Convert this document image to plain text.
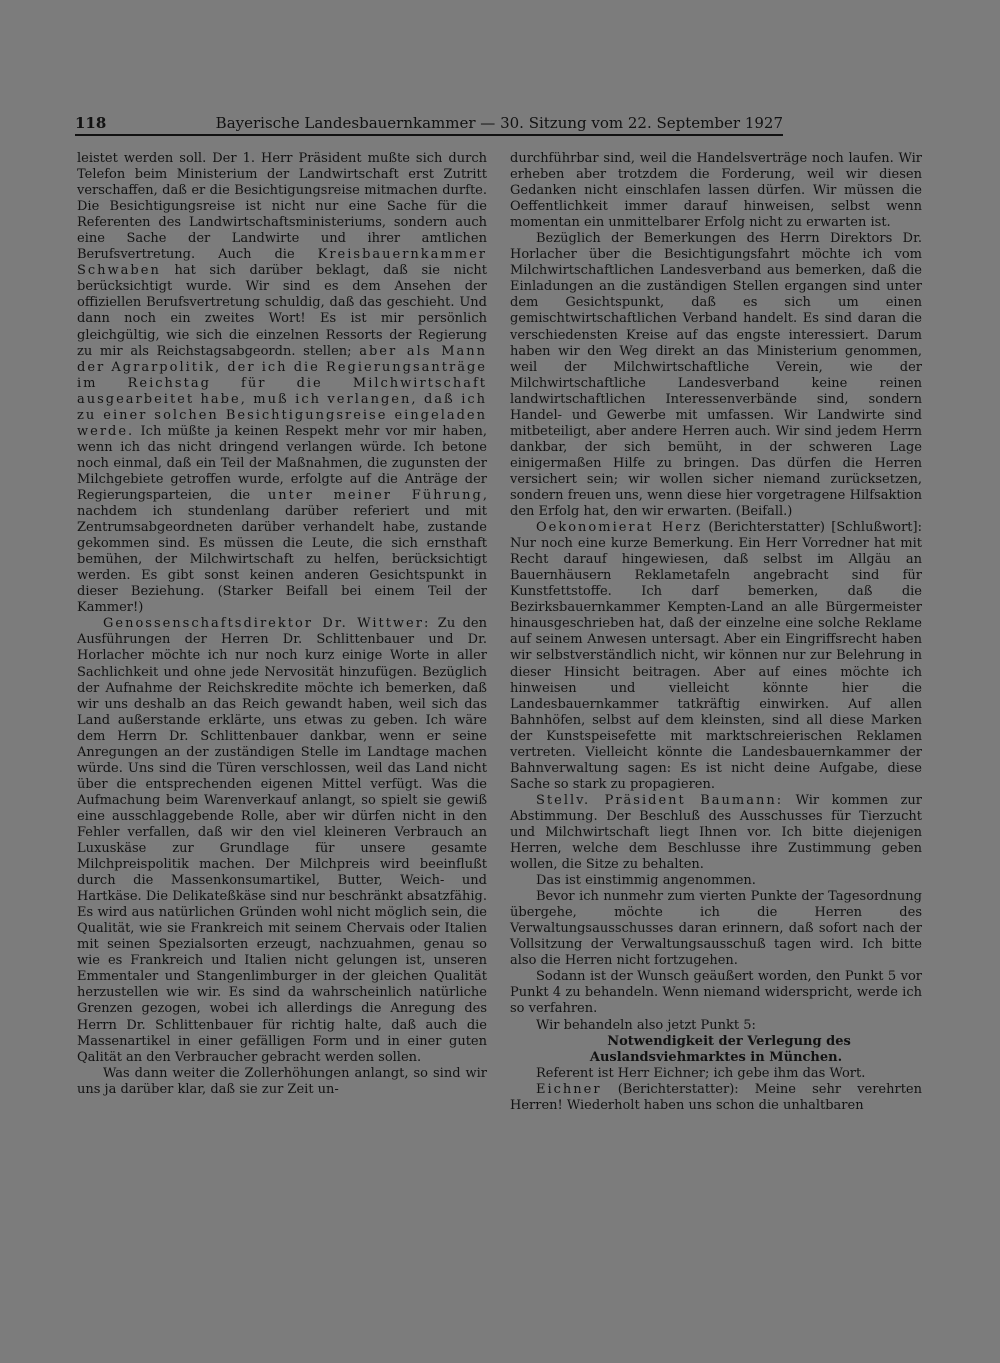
118	Bayerische Landesbauernkammer — 30. Sitzung vom 22. September 1927

leistet werden soll. Der 1. Herr Präsident mußte sich durch Telefon beim Ministerium der Landwirtschaft erst Zutritt verschaffen, daß er die Besichtigungsreise mitmachen durfte. Die Besichtigungsreise ist nicht nur eine Sache für die Referenten des Landwirtschaftsministeriums, sondern auch eine Sache der Landwirte und ihrer amtlichen Berufsvertretung. Auch die Kreisbauernkammer Schwaben hat sich darüber beklagt, daß sie nicht berücksichtigt wurde. Wir sind es dem Ansehen der offiziellen Berufsvertretung schuldig, daß das geschieht. Und dann noch ein zweites Wort! Es ist mir persönlich gleichgültig, wie sich die einzelnen Ressorts der Regierung zu mir als Reichstagsabgeordn. stellen; aber als Mann der Agrarpolitik, der ich die Regierungsanträge im Reichstag für die Milchwirtschaft ausgearbeitet habe, muß ich verlangen, daß ich zu einer solchen Besichtigungsreise eingeladen werde. Ich müßte ja keinen Respekt mehr vor mir haben, wenn ich das nicht dringend verlangen würde. Ich betone noch einmal, daß ein Teil der Maßnahmen, die zugunsten der Milchgebiete getroffen wurde, erfolgte auf die Anträge der Regierungsparteien, die unter meiner Führung, nachdem ich stundenlang darüber referiert und mit Zentrumsabgeordneten darüber verhandelt habe, zustande gekommen sind. Es müssen die Leute, die sich ernsthaft bemühen, der Milchwirtschaft zu helfen, berücksichtigt werden. Es gibt sonst keinen anderen Gesichtspunkt in dieser Beziehung. (Starker Beifall bei einem Teil der Kammer!)

Genossenschaftsdirektor Dr. Wittwer: Zu den Ausführungen der Herren Dr. Schlittenbauer und Dr. Horlacher möchte ich nur noch kurz einige Worte in aller Sachlichkeit und ohne jede Nervosität hinzufügen. Bezüglich der Aufnahme der Reichskredite möchte ich bemerken, daß wir uns deshalb an das Reich gewandt haben, weil sich das Land außerstande erklärte, uns etwas zu geben. Ich wäre dem Herrn Dr. Schlittenbauer dankbar, wenn er seine Anregungen an der zuständigen Stelle im Landtage machen würde. Uns sind die Türen verschlossen, weil das Land nicht über die entsprechenden eigenen Mittel verfügt. Was die Aufmachung beim Warenverkauf anlangt, so spielt sie gewiß eine ausschlaggebende Rolle, aber wir dürfen nicht in den Fehler verfallen, daß wir den viel kleineren Verbrauch an Luxuskäse zur Grundlage für unsere gesamte Milchpreispolitik machen. Der Milchpreis wird beeinflußt durch die Massenkonsumartikel, Butter, Weich- und Hartkäse. Die Delikateßkäse sind nur beschränkt absatzfähig. Es wird aus natürlichen Gründen wohl nicht möglich sein, die Qualität, wie sie Frankreich mit seinem Chervais oder Italien mit seinen Spezialsorten erzeugt, nachzuahmen, genau so wie es Frankreich und Italien nicht gelungen ist, unseren Emmentaler und Stangenlimburger in der gleichen Qualität herzustellen wie wir. Es sind da wahrscheinlich natürliche Grenzen gezogen, wobei ich allerdings die Anregung des Herrn Dr. Schlittenbauer für richtig halte, daß auch die Massenartikel in einer gefälligen Form und in einer guten Qalität an den Verbraucher gebracht werden sollen.

Was dann weiter die Zollerhöhungen anlangt, so sind wir uns ja darüber klar, daß sie zur Zeit un-

durchführbar sind, weil die Handelsverträge noch laufen. Wir erheben aber trotzdem die Forderung, weil wir diesen Gedanken nicht einschlafen lassen dürfen. Wir müssen die Oeffentlichkeit immer darauf hinweisen, selbst wenn momentan ein unmittelbarer Erfolg nicht zu erwarten ist.

Bezüglich der Bemerkungen des Herrn Direktors Dr. Horlacher über die Besichtigungsfahrt möchte ich vom Milchwirtschaftlichen Landesverband aus bemerken, daß die Einladungen an die zuständigen Stellen ergangen sind unter dem Gesichtspunkt, daß es sich um einen gemischtwirtschaftlichen Verband handelt. Es sind daran die verschiedensten Kreise auf das engste interessiert. Darum haben wir den Weg direkt an das Ministerium genommen, weil der Milchwirtschaftliche Verein, wie der Milchwirtschaftliche Landesverband keine reinen landwirtschaftlichen Interessenverbände sind, sondern Handel- und Gewerbe mit umfassen. Wir Landwirte sind mitbeteiligt, aber andere Herren auch. Wir sind jedem Herrn dankbar, der sich bemüht, in der schweren Lage einigermaßen Hilfe zu bringen. Das dürfen die Herren versichert sein; wir wollen sicher niemand zurücksetzen, sondern freuen uns, wenn diese hier vorgetragene Hilfsaktion den Erfolg hat, den wir erwarten. (Beifall.)

Oekonomierat Herz (Berichterstatter) [Schlußwort]: Nur noch eine kurze Bemerkung. Ein Herr Vorredner hat mit Recht darauf hingewiesen, daß selbst im Allgäu an Bauernhäusern Reklametafeln angebracht sind für Kunstfettstoffe. Ich darf bemerken, daß die Bezirksbauernkammer Kempten-Land an alle Bürgermeister hinausgeschrieben hat, daß der einzelne eine solche Reklame auf seinem Anwesen untersagt. Aber ein Eingriffsrecht haben wir selbstverständlich nicht, wir können nur zur Belehrung in dieser Hinsicht beitragen. Aber auf eines möchte ich hinweisen und vielleicht könnte hier die Landesbauernkammer tatkräftig einwirken. Auf allen Bahnhöfen, selbst auf dem kleinsten, sind all diese Marken der Kunstspeisefette mit marktschreierischen Reklamen vertreten. Vielleicht könnte die Landesbauernkammer der Bahnverwaltung sagen: Es ist nicht deine Aufgabe, diese Sache so stark zu propagieren.

Stellv. Präsident Baumann: Wir kommen zur Abstimmung. Der Beschluß des Ausschusses für Tierzucht und Milchwirtschaft liegt Ihnen vor. Ich bitte diejenigen Herren, welche dem Beschlusse ihre Zustimmung geben wollen, die Sitze zu behalten.

Das ist einstimmig angenommen.

Bevor ich nunmehr zum vierten Punkte der Tagesordnung übergehe, möchte ich die Herren des Verwaltungsausschusses daran erinnern, daß sofort nach der Vollsitzung der Verwaltungsausschuß tagen wird. Ich bitte also die Herren nicht fortzugehen.

Sodann ist der Wunsch geäußert worden, den Punkt 5 vor Punkt 4 zu behandeln. Wenn niemand widerspricht, werde ich so verfahren.

Wir behandeln also jetzt Punkt 5:

Notwendigkeit der Verlegung des Auslandsviehmarktes in München.

Referent ist Herr Eichner; ich gebe ihm das Wort.

Eichner (Berichterstatter): Meine sehr verehrten Herren! Wiederholt haben uns schon die unhaltbaren
